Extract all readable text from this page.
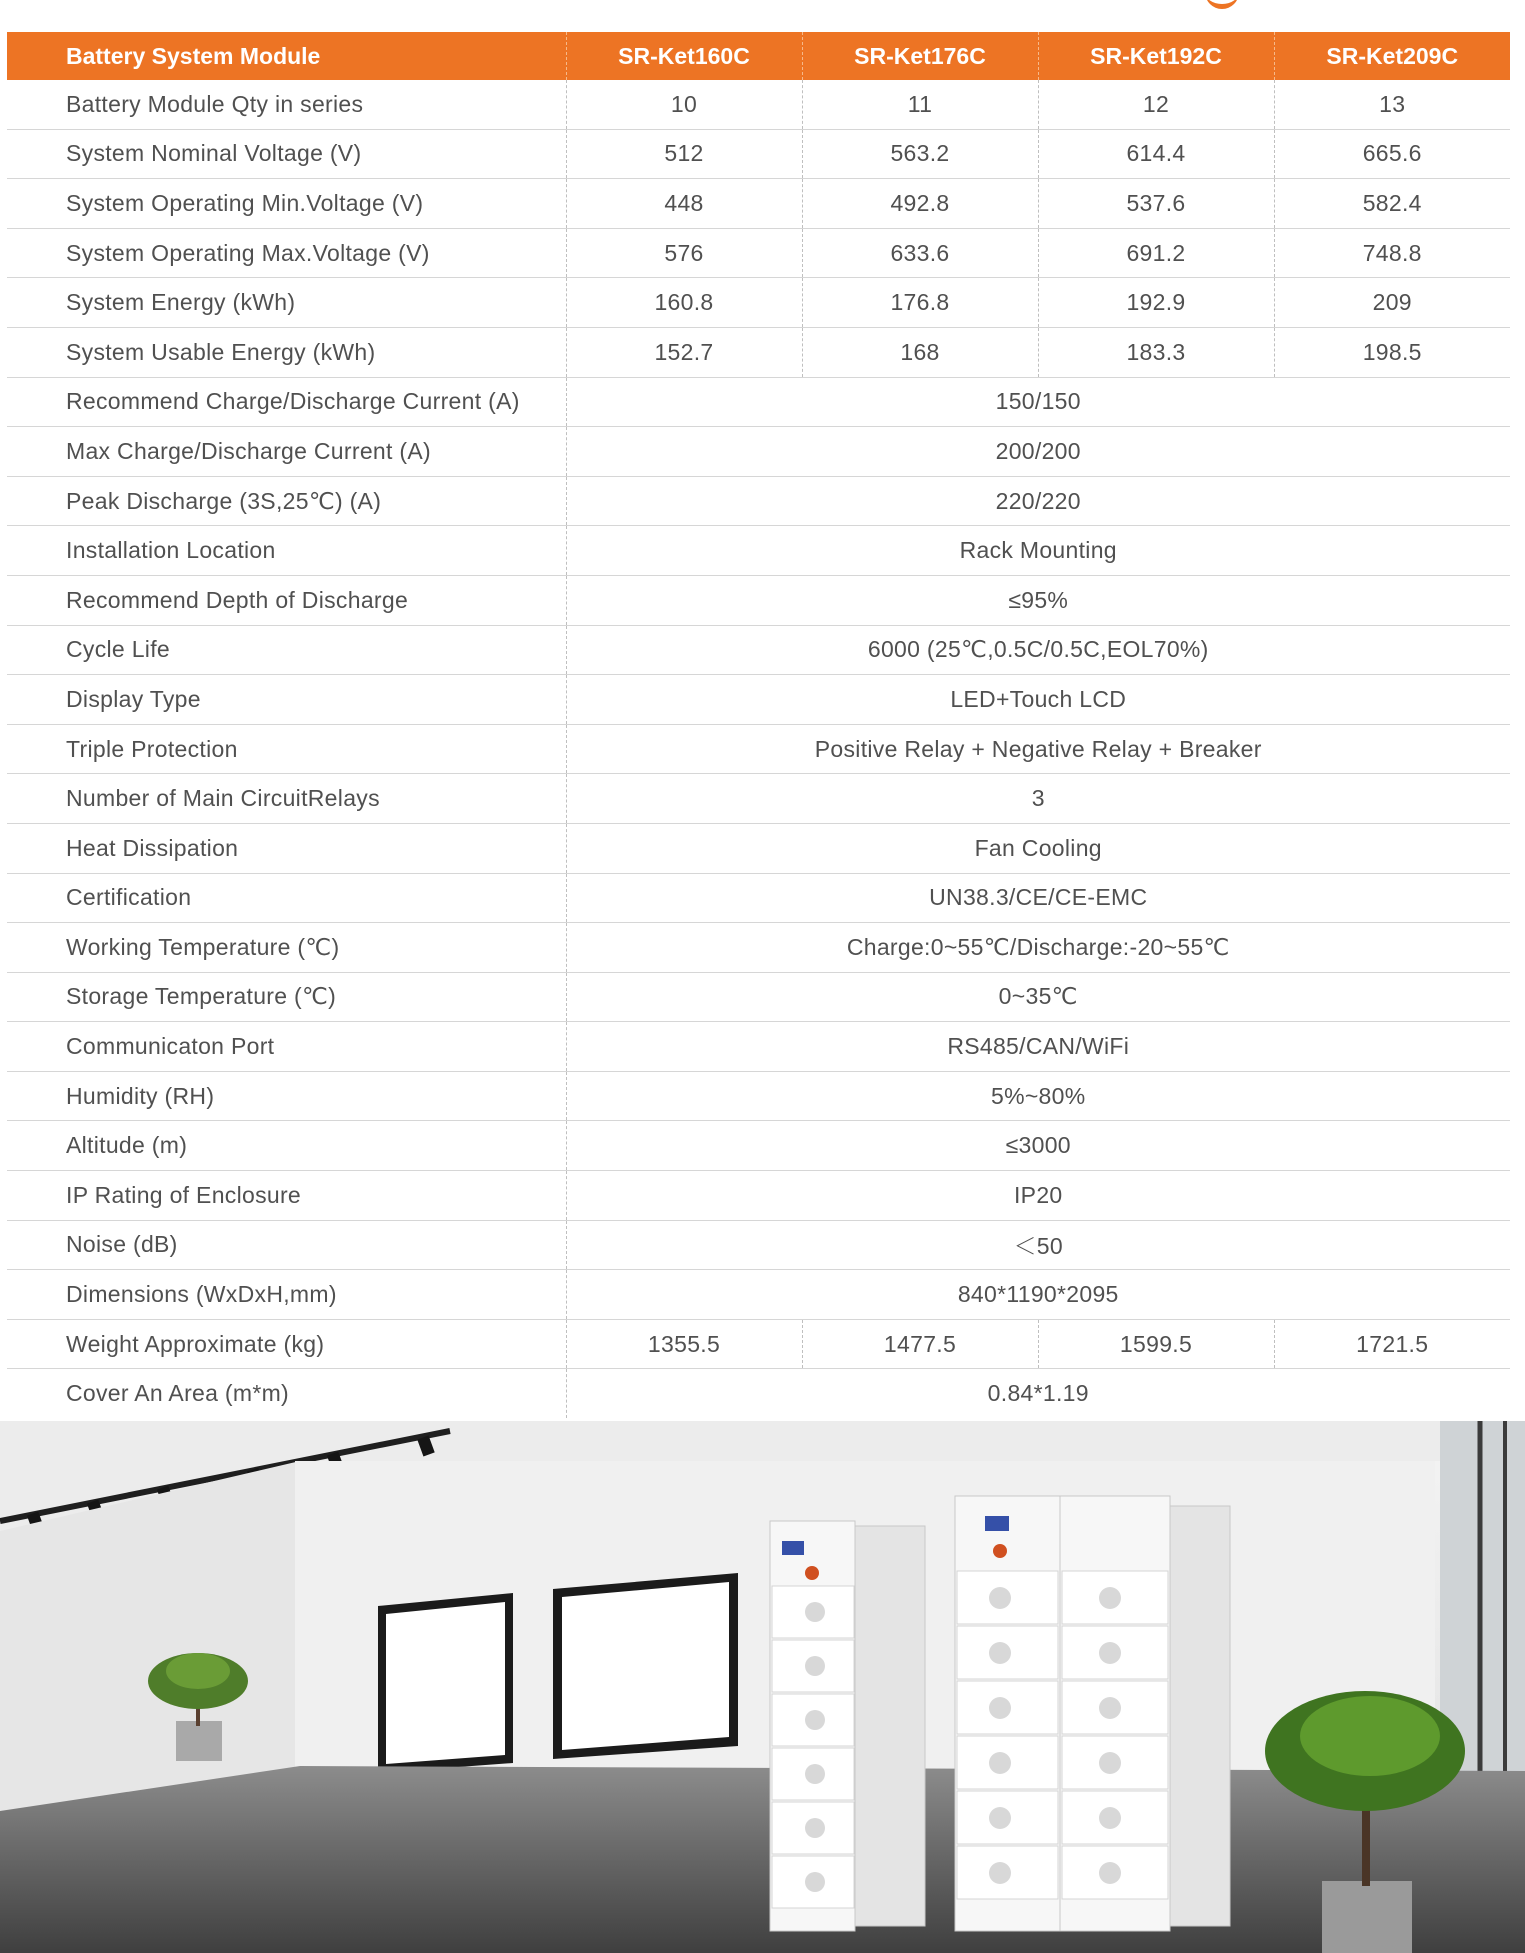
Battery System Module	SR-Ket160C	SR-Ket176C	SR-Ket192C	SR-Ket209C
Battery Module Qty in series	10	11	12	13
System Nominal Voltage (V)	512	563.2	614.4	665.6
System Operating Min.Voltage (V)	448	492.8	537.6	582.4
System Operating Max.Voltage (V)	576	633.6	691.2	748.8
System Energy (kWh)	160.8	176.8	192.9	209
System Usable Energy (kWh)	152.7	168	183.3	198.5
Recommend Charge/Discharge Current (A)	150/150			
Max Charge/Discharge Current (A)	200/200			
Peak Discharge (3S,25℃) (A)	220/220			
Installation Location	Rack Mounting			
Recommend Depth of Discharge	≤95%			
Cycle Life	6000 (25℃,0.5C/0.5C,EOL70%)			
Display Type	LED+Touch LCD			
Triple Protection	Positive Relay + Negative Relay + Breaker			
Number of Main CircuitRelays	3			
Heat Dissipation	Fan Cooling			
Certification	UN38.3/CE/CE-EMC			
Working Temperature (℃)	Charge:0~55℃/Discharge:-20~55℃			
Storage Temperature (℃)	0~35℃			
Communicaton Port	RS485/CAN/WiFi			
Humidity (RH)	5%~80%			
Altitude (m)	≤3000			
IP Rating of Enclosure	IP20			
Noise (dB)	＜50			
Dimensions (WxDxH,mm)	840*1190*2095			
Weight Approximate (kg)	1355.5	1477.5	1599.5	1721.5
Cover An Area (m*m)	0.84*1.19			
